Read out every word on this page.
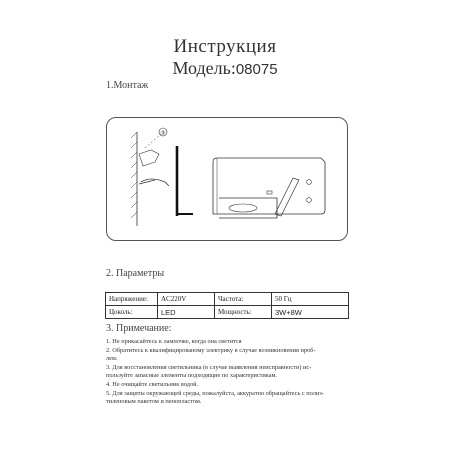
Инструкция
Модель:08075
1.Монтаж
③
2. Параметры
Напряжение:	AC220V	Частота:	50 Гц
Цоколь:	LED	Мощность:	3W+8W
3. Примечание:
1. Не прикасайтесь к лампочке, когда она светится
2. Обратитесь к квалифицированому электрику в случае возникновения проб-
лем.
3. Для восстановления светильника (в случае выявления неисправности) ис-
пользуйте запасные элементы подходящие по характеристикам.
4. Не очищайте светильник водой.
5. Для защиты окружающей среды, пожалуйста, аккуратно обращайтесь с полиэ-
тиленовым пакетом и пенопластом.
